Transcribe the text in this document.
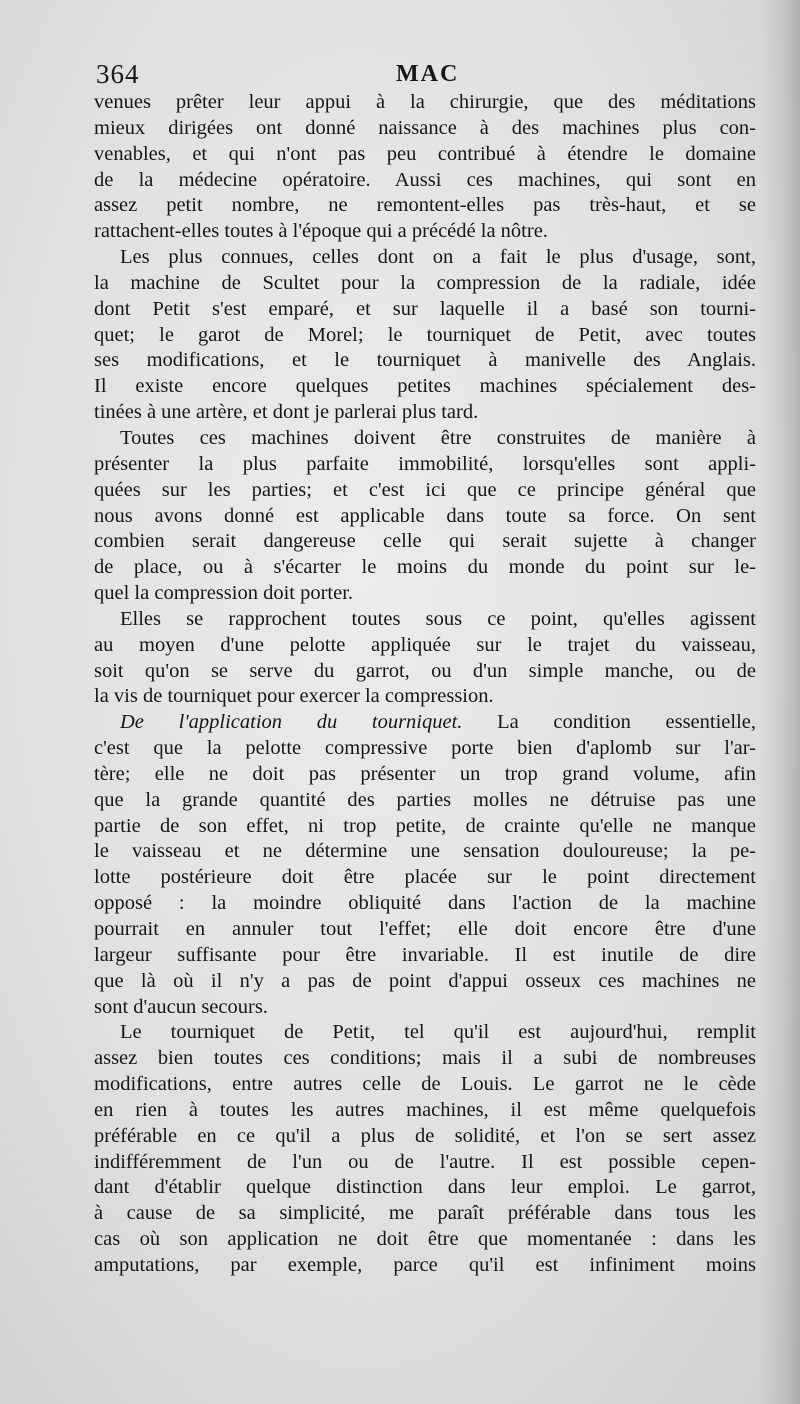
364	MAC
venues prêter leur appui à la chirurgie, que des méditations
mieux dirigées ont donné naissance à des machines plus con-
venables, et qui n'ont pas peu contribué à étendre le domaine
de la médecine opératoire. Aussi ces machines, qui sont en
assez petit nombre, ne remontent-elles pas très-haut, et se
rattachent-elles toutes à l'époque qui a précédé la nôtre.
Les plus connues, celles dont on a fait le plus d'usage, sont,
la machine de Scultet pour la compression de la radiale, idée
dont Petit s'est emparé, et sur laquelle il a basé son tourni-
quet; le garot de Morel; le tourniquet de Petit, avec toutes
ses modifications, et le tourniquet à manivelle des Anglais.
Il existe encore quelques petites machines spécialement des-
tinées à une artère, et dont je parlerai plus tard.
Toutes ces machines doivent être construites de manière à
présenter la plus parfaite immobilité, lorsqu'elles sont appli-
quées sur les parties; et c'est ici que ce principe général que
nous avons donné est applicable dans toute sa force. On sent
combien serait dangereuse celle qui serait sujette à changer
de place, ou à s'écarter le moins du monde du point sur le-
quel la compression doit porter.
Elles se rapprochent toutes sous ce point, qu'elles agissent
au moyen d'une pelotte appliquée sur le trajet du vaisseau,
soit qu'on se serve du garrot, ou d'un simple manche, ou de
la vis de tourniquet pour exercer la compression.
De l'application du tourniquet. La condition essentielle,
c'est que la pelotte compressive porte bien d'aplomb sur l'ar-
tère; elle ne doit pas présenter un trop grand volume, afin
que la grande quantité des parties molles ne détruise pas une
partie de son effet, ni trop petite, de crainte qu'elle ne manque
le vaisseau et ne détermine une sensation douloureuse; la pe-
lotte postérieure doit être placée sur le point directement
opposé : la moindre obliquité dans l'action de la machine
pourrait en annuler tout l'effet; elle doit encore être d'une
largeur suffisante pour être invariable. Il est inutile de dire
que là où il n'y a pas de point d'appui osseux ces machines ne
sont d'aucun secours.
Le tourniquet de Petit, tel qu'il est aujourd'hui, remplit
assez bien toutes ces conditions; mais il a subi de nombreuses
modifications, entre autres celle de Louis. Le garrot ne le cède
en rien à toutes les autres machines, il est même quelquefois
préférable en ce qu'il a plus de solidité, et l'on se sert assez
indifféremment de l'un ou de l'autre. Il est possible cepen-
dant d'établir quelque distinction dans leur emploi. Le garrot,
à cause de sa simplicité, me paraît préférable dans tous les
cas où son application ne doit être que momentanée : dans les
amputations, par exemple, parce qu'il est infiniment moins
